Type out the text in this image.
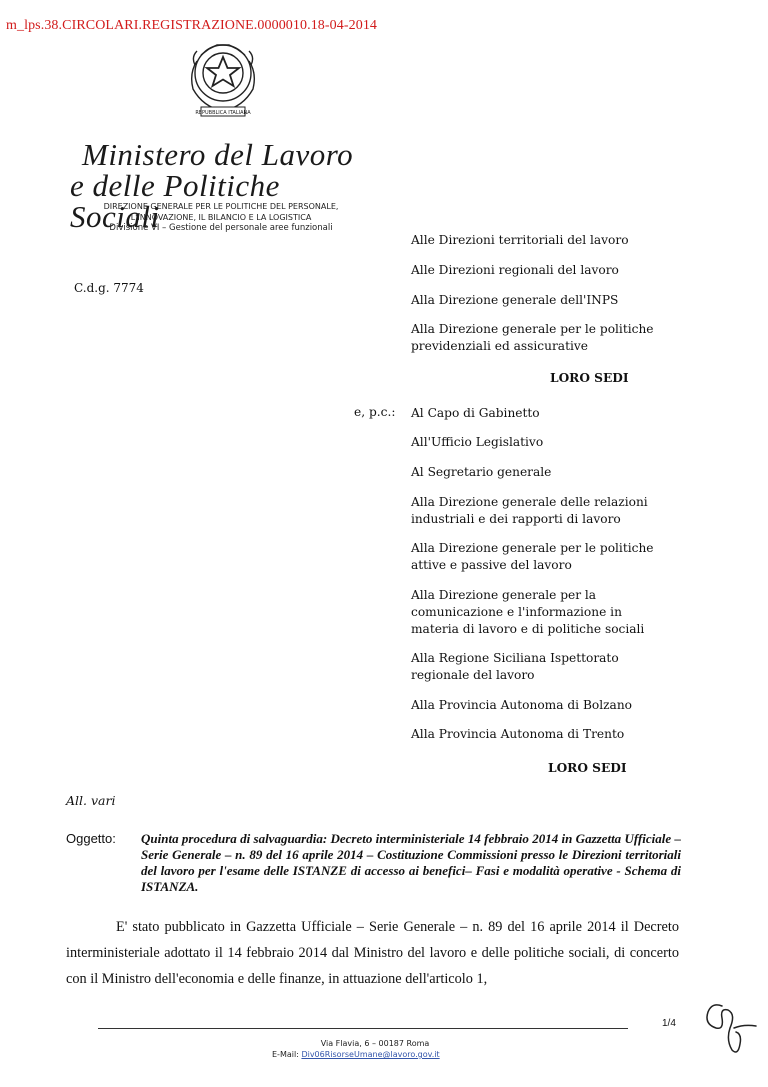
m_lps.38.CIRCOLARI.REGISTRAZIONE.0000010.18-04-2014
REPUBBLICA ITALIANA
Ministero del Lavoro
e delle Politiche Sociali
DIREZIONE GENERALE PER LE POLITICHE DEL PERSONALE,
L'INNOVAZIONE, IL BILANCIO E LA LOGISTICA
Divisione VI – Gestione del personale aree funzionali
C.d.g. 7774
Alle Direzioni territoriali del lavoro
Alle Direzioni regionali del lavoro
Alla Direzione generale dell'INPS
Alla Direzione generale per le politiche previdenziali ed assicurative
LORO SEDI
e, p.c.: Al Capo di Gabinetto
All'Ufficio Legislativo
Al Segretario generale
Alla Direzione generale delle relazioni industriali e dei rapporti di lavoro
Alla Direzione generale per le politiche attive e passive del lavoro
Alla Direzione generale per la comunicazione e l'informazione in materia di lavoro e di politiche sociali
Alla Regione Siciliana Ispettorato regionale del lavoro
Alla Provincia Autonoma di Bolzano
Alla Provincia Autonoma di Trento
LORO SEDI
All. vari
Oggetto: Quinta procedura di salvaguardia: Decreto interministeriale 14 febbraio 2014 in Gazzetta Ufficiale – Serie Generale – n. 89 del 16 aprile 2014 – Costituzione Commissioni presso le Direzioni territoriali del lavoro per l'esame delle ISTANZE di accesso ai benefici– Fasi e modalità operative - Schema di ISTANZA.
E' stato pubblicato in Gazzetta Ufficiale – Serie Generale – n. 89 del 16 aprile 2014 il Decreto interministeriale adottato il 14 febbraio 2014 dal Ministro del lavoro e delle politiche sociali, di concerto con il Ministro dell'economia e delle finanze, in attuazione dell'articolo 1,
1/4
Via Flavia, 6 – 00187 Roma
E-Mail: Div06RisorseUmane@lavoro.gov.it
